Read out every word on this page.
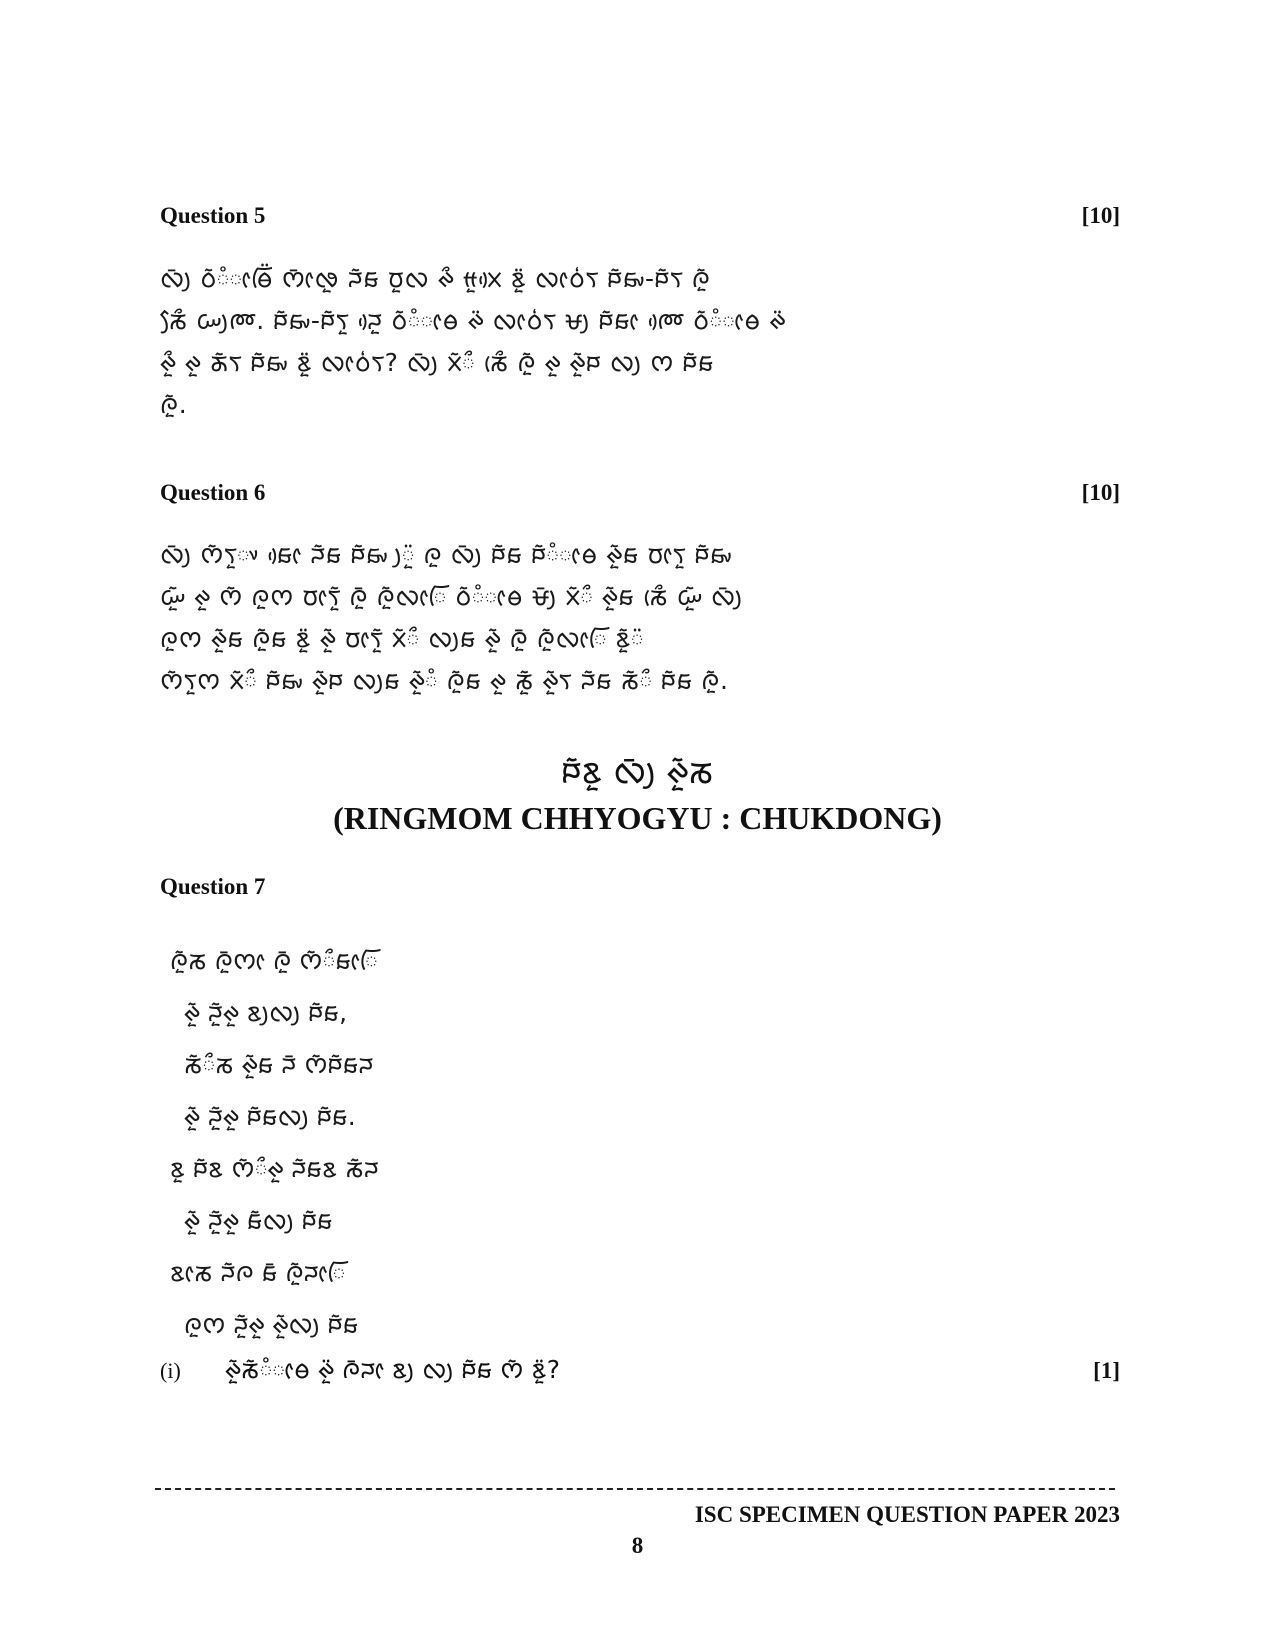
Question 5	[10]
ᰜᰪᰳ ᰓᰶᰱᰦᰟᰩᰮ ᰔᰦᰳᰒᰬ ᰎᰶᰑ ᰗᰬᰜ ᰊᰰ ᰙᰬᰞᰴ ᰣᰬᰮ ᰜᰦᰓᰭᰛ ᰐᰶᰑᰤ-ᰐᰶᰛ ᰍᰬᰶ
ᰕᰧᰰ ᰠᰪᰢ. ᰐᰶᰑᰤ-ᰐᰶᰛᰬ ᰎᰬᰴ ᰓᰶᰱᰦᰟ ᰊᰮ ᰜᰦᰓᰭᰛ ᰝᰪ ᰐᰶᰑᰦ ᰢᰴ ᰓᰶᰱᰦᰟ ᰊᰮ
ᰊᰬᰰ ᰊᰬ ᰖᰶᰛ ᰐᰶᰑᰤ ᰣᰬᰮ ᰜᰦᰓᰭᰛ? ᰜᰪᰳ ᰞᰶᰰ ᰕᰨᰰ ᰍᰬᰶ ᰊᰬ ᰊᰬᰶᰐ ᰜᰪ ᰔ ᰐᰶᰑ
ᰍᰬᰶ.
Question 6	[10]
ᰜᰪᰳ ᰔᰶᰛᰬᰤ ᰑᰦᰴ ᰎᰶᰑ ᰐᰶᰑᰤ ᰪᰬᰮ ᰍᰬ ᰜᰪᰳ ᰐᰶᰑ ᰐᰶᰱᰦᰟ ᰊᰬᰶᰑ ᰗᰦᰛᰬ ᰐᰶᰑᰤ
ᰠᰬᰶ ᰊᰬ ᰔᰶ ᰍᰬᰔ ᰗᰦᰛᰬᰶ ᰍᰬᰳ ᰍᰬᰶᰜᰦᰩ ᰓᰶᰱᰦᰟ ᰝᰪᰳ ᰞᰶᰰ ᰊᰬᰶᰑ ᰕᰨᰰ ᰠᰬᰶ ᰜᰪᰳ
ᰍᰬᰔ ᰊᰬᰶᰑ ᰍᰬᰶᰑ ᰣᰬᰮ ᰊᰬᰶ ᰗᰦᰛᰬᰶ ᰞᰶᰰ ᰜᰪᰑ ᰊᰬᰶ ᰍᰬᰳ ᰍᰬᰶᰜᰦᰩ ᰣᰬᰶᰮ
ᰔᰶᰛᰬᰔ ᰞᰶᰰ ᰐᰶᰑᰤ ᰊᰬᰶᰐ ᰜᰪᰑ ᰊᰬᰶᰱ ᰍᰬᰶᰑ ᰊᰬ ᰕᰬᰶ ᰊᰬᰶᰛ ᰎᰶᰑ ᰕᰶᰰ ᰐᰶᰑ ᰍᰬᰶ.
ᰐᰶᰣᰬ ᰜᰪᰳ ᰊᰬᰶᰕ
(RINGMOM CHHYOGYU : CHUKDONG)
Question 7
ᰍᰬᰶᰕ ᰍᰬᰳᰔᰦ ᰍᰬᰳ ᰔᰶᰰᰑᰦᰩ
ᰊᰬᰶ ᰎᰬᰶᰊᰬ ᰣᰪᰜᰪ ᰐᰶᰑ,
ᰕᰶᰰᰕ ᰊᰬᰶᰑ ᰎᰳ ᰔᰶᰐᰶᰑᰎ
ᰊᰬᰶ ᰎᰬᰶᰊᰬ ᰐᰶᰑᰜᰪ ᰐᰶᰑ.
ᰣᰬ ᰐᰶᰣ ᰔᰶᰰᰊᰬ ᰎᰶᰑᰣ ᰕᰶᰎ
ᰊᰬᰶ ᰎᰬᰶᰊᰬ ᰑᰶᰜᰪ ᰐᰶᰑ
ᰣᰦᰕ ᰎᰶᰍ ᰑᰳ ᰍᰬᰶᰎᰦᰩ
ᰍᰬᰔ ᰎᰬᰶᰊᰬ ᰊᰬᰶᰜᰪ ᰐᰶᰑ
(i)	ᰊᰬᰶᰕᰶᰱᰦᰟ ᰊᰬᰮ ᰍᰳᰎᰦ ᰣᰪ ᰜᰪ ᰐᰶᰑ ᰔᰶ ᰣᰬᰮ?	[1]
ISC SPECIMEN QUESTION PAPER 2023
8
